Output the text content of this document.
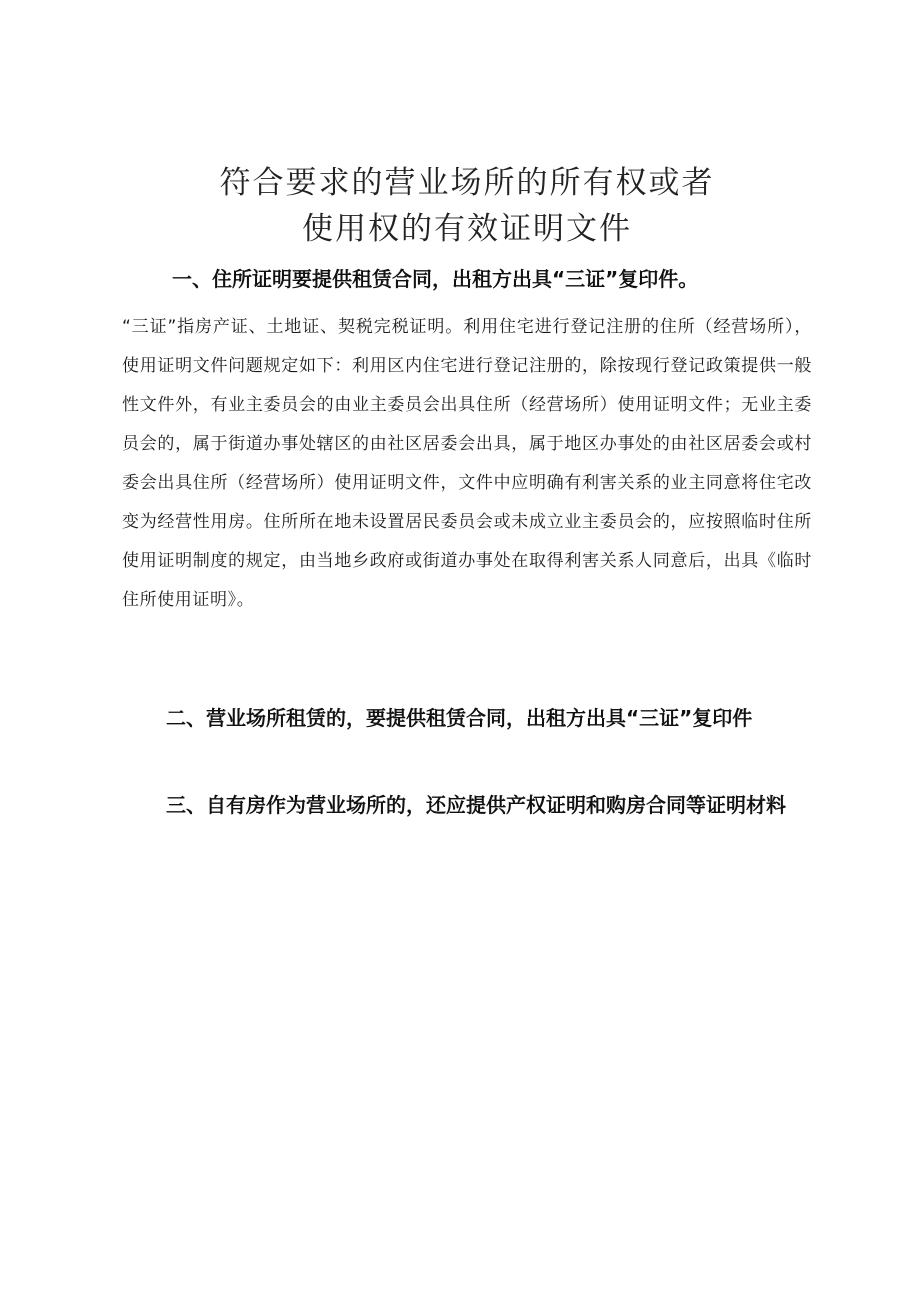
符合要求的营业场所的所有权或者
使用权的有效证明文件
一、住所证明要提供租赁合同，出租方出具“三证”复印件。
“三证”指房产证、土地证、契税完税证明。利用住宅进行登记注册的住所（经营场所），使用证明文件问题规定如下：利用区内住宅进行登记注册的，除按现行登记政策提供一般性文件外，有业主委员会的由业主委员会出具住所（经营场所）使用证明文件；无业主委员会的，属于街道办事处辖区的由社区居委会出具，属于地区办事处的由社区居委会或村委会出具住所（经营场所）使用证明文件，文件中应明确有利害关系的业主同意将住宅改变为经营性用房。住所所在地未设置居民委员会或未成立业主委员会的，应按照临时住所使用证明制度的规定，由当地乡政府或街道办事处在取得利害关系人同意后，出具《临时住所使用证明》。
二、营业场所租赁的，要提供租赁合同，出租方出具“三证”复印件
三、自有房作为营业场所的，还应提供产权证明和购房合同等证明材料
